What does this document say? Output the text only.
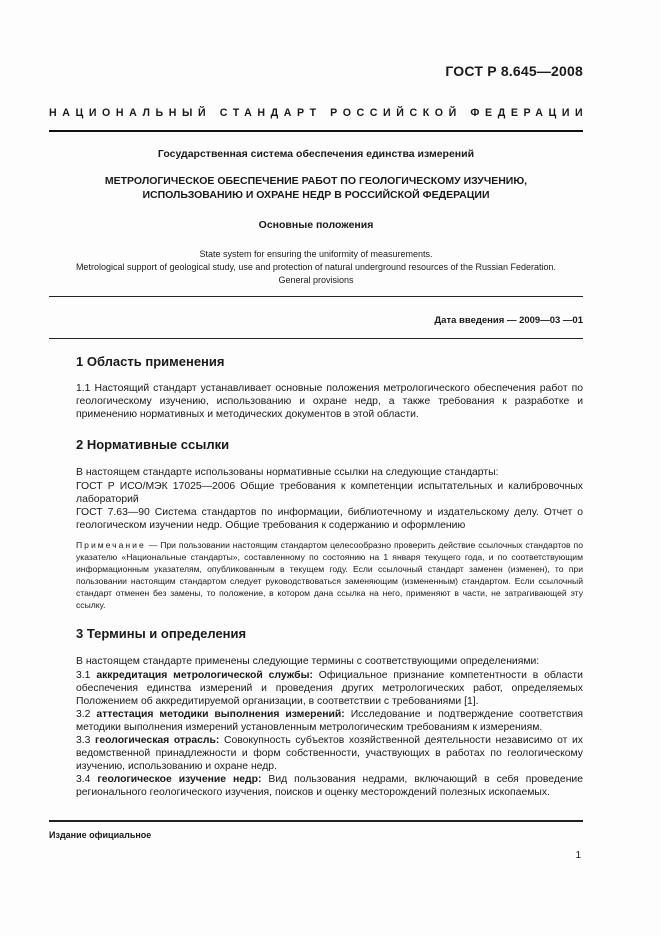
ГОСТ Р 8.645—2008
НАЦИОНАЛЬНЫЙ СТАНДАРТ РОССИЙСКОЙ ФЕДЕРАЦИИ
Государственная система обеспечения единства измерений
МЕТРОЛОГИЧЕСКОЕ ОБЕСПЕЧЕНИЕ РАБОТ ПО ГЕОЛОГИЧЕСКОМУ ИЗУЧЕНИЮ,
ИСПОЛЬЗОВАНИЮ И ОХРАНЕ НЕДР В РОССИЙСКОЙ ФЕДЕРАЦИИ
Основные положения
State system for ensuring the uniformity of measurements.
Metrological support of geological study, use and protection of natural underground resources of the Russian Federation.
General provisions
Дата введения — 2009—03 —01
1 Область применения
1.1 Настоящий стандарт устанавливает основные положения метрологического обеспечения работ по геологическому изучению, использованию и охране недр, а также требования к разработке и применению нормативных и методических документов в этой области.
2 Нормативные ссылки
В настоящем стандарте использованы нормативные ссылки на следующие стандарты:
ГОСТ Р ИСО/МЭК 17025—2006 Общие требования к компетенции испытательных и калибровочных лабораторий
ГОСТ 7.63—90 Система стандартов по информации, библиотечному и издательскому делу. Отчет о геологическом изучении недр. Общие требования к содержанию и оформлению
Примечание — При пользовании настоящим стандартом целесообразно проверить действие ссылочных стандартов по указателю «Национальные стандарты», составленному по состоянию на 1 января текущего года, и по соответствующим информационным указателям, опубликованным в текущем году. Если ссылочный стандарт заменен (изменен), то при пользовании настоящим стандартом следует руководствоваться заменяющим (измененным) стандартом. Если ссылочный стандарт отменен без замены, то положение, в котором дана ссылка на него, применяют в части, не затрагивающей эту ссылку.
3 Термины и определения
В настоящем стандарте применены следующие термины с соответствующими определениями:
3.1 аккредитация метрологической службы: Официальное признание компетентности в области обеспечения единства измерений и проведения других метрологических работ, определяемых Положением об аккредитируемой организации, в соответствии с требованиями [1].
3.2 аттестация методики выполнения измерений: Исследование и подтверждение соответствия методики выполнения измерений установленным метрологическим требованиям к измерениям.
3.3 геологическая отрасль: Совокупность субъектов хозяйственной деятельности независимо от их ведомственной принадлежности и форм собственности, участвующих в работах по геологическому изучению, использованию и охране недр.
3.4 геологическое изучение недр: Вид пользования недрами, включающий в себя проведение регионального геологического изучения, поисков и оценку месторождений полезных ископаемых.
Издание официальное
1
